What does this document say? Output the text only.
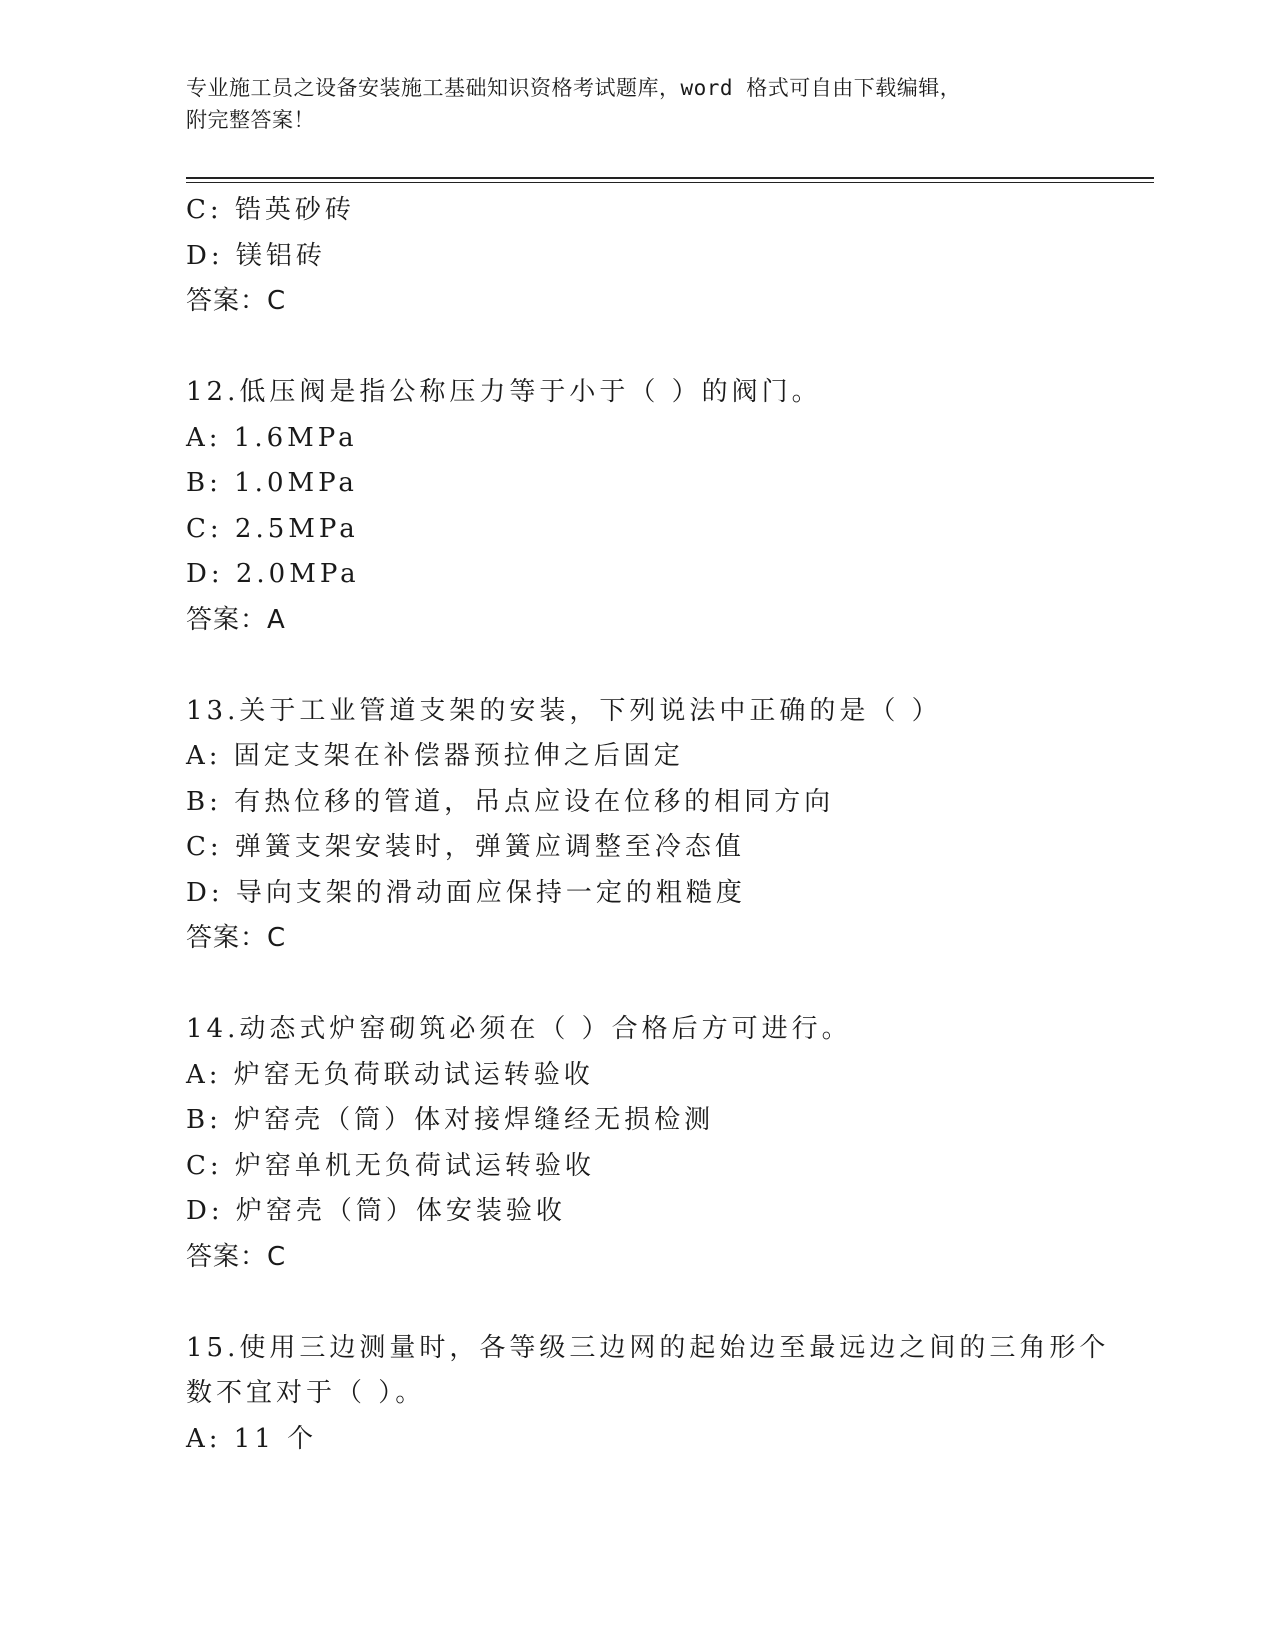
专业施工员之设备安装施工基础知识资格考试题库，word 格式可自由下载编辑，
附完整答案！
C: 锆英砂砖
D: 镁铝砖
答案：C
12.低压阀是指公称压力等于小于（ ）的阀门。
A: 1.6MPa
B: 1.0MPa
C: 2.5MPa
D: 2.0MPa
答案：A
13.关于工业管道支架的安装，下列说法中正确的是（ ）
A: 固定支架在补偿器预拉伸之后固定
B: 有热位移的管道，吊点应设在位移的相同方向
C: 弹簧支架安装时，弹簧应调整至冷态值
D: 导向支架的滑动面应保持一定的粗糙度
答案：C
14.动态式炉窑砌筑必须在（ ）合格后方可进行。
A: 炉窑无负荷联动试运转验收
B: 炉窑壳（筒）体对接焊缝经无损检测
C: 炉窑单机无负荷试运转验收
D: 炉窑壳（筒）体安装验收
答案：C
15.使用三边测量时，各等级三边网的起始边至最远边之间的三角形个
数不宜对于（ ）。
A: 11 个
